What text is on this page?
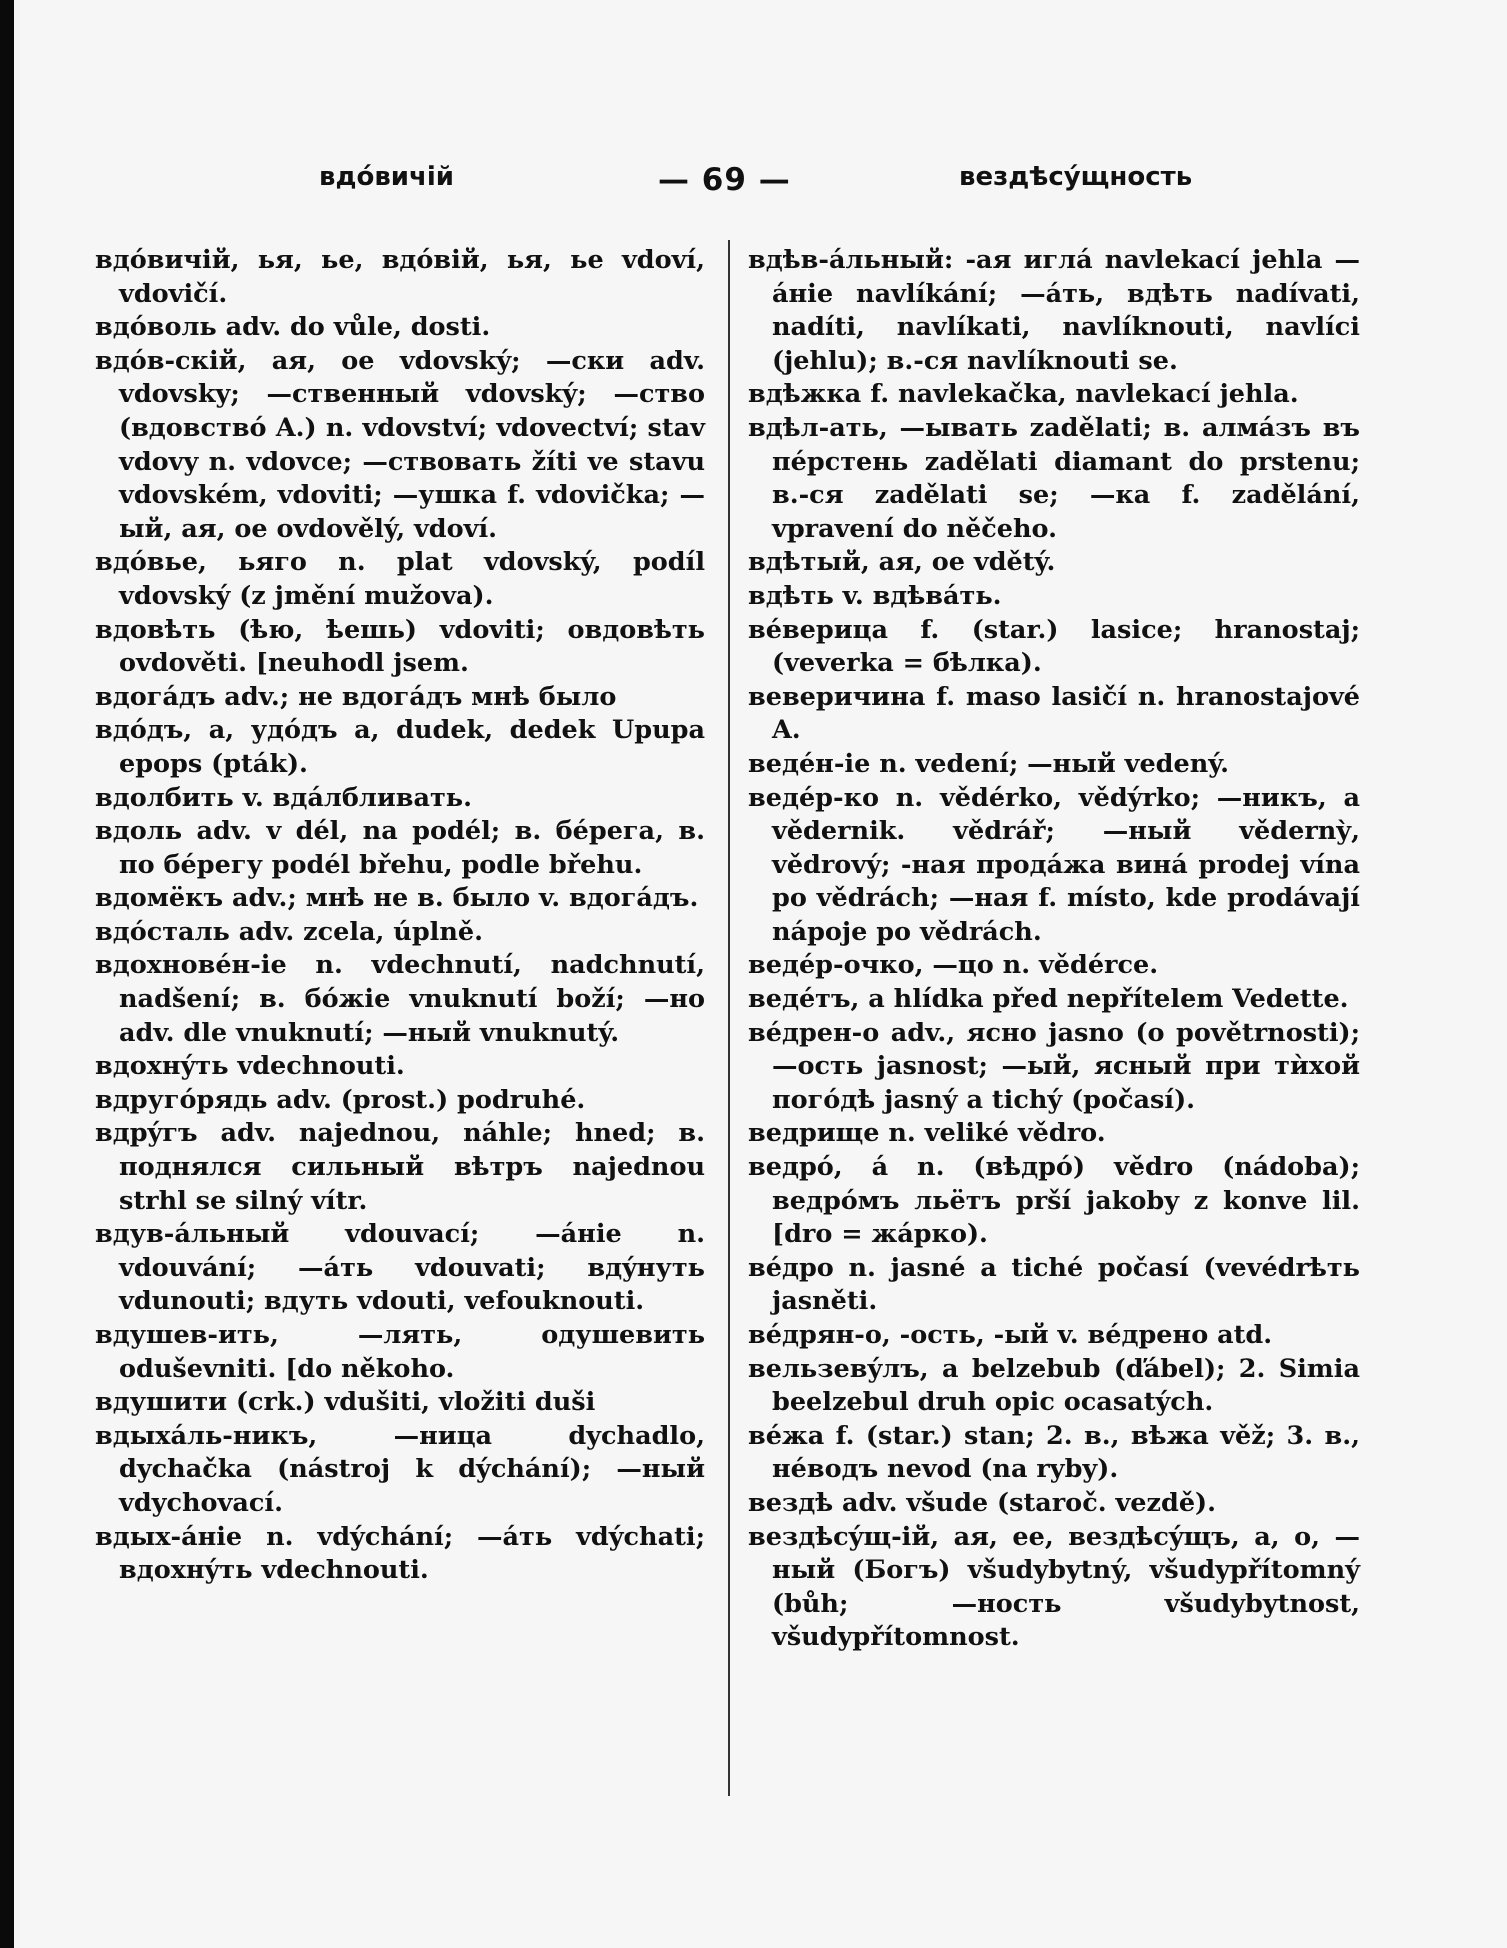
вдóвичій	— 69 —	вездѣсýщность

вдóвичій, ья, ье, вдóвій, ья, ье vdoví, vdovičí.

вдóволь adv. do vůle, dosti.

вдóв-скій, ая, ое vdovský; —ски adv. vdovsky; —ственный vdovský; —ство (вдовствó A.) n. vdovství; vdovectví; stav vdovy n. vdovce; —ствовать žíti ve stavu vdovském, vdoviti; —ушка f. vdovička; —ый, ая, ое ovdovělý, vdoví.

вдóвье, ьяго n. plat vdovský, podíl vdovský (z jmění mužova).

вдовѣть (ѣю, ѣешь) vdoviti; овдовѣть ovdověti. [neuhodl jsem.

вдогáдъ adv.; не вдогáдъ мнѣ было

вдóдъ, а, удóдъ а, dudek, dedek Upupa epops (pták).

вдолбить v. вдáлбливать.

вдоль adv. v dél, na podél; в. бéрега, в. по бéрегу podél břehu, podle břehu.

вдомёкъ adv.; мнѣ не в. было v. вдогáдъ.

вдóсталь adv. zcela, úplně.

вдохновéн-іе n. vdechnutí, nadchnutí, nadšení; в. бóжіе vnuknutí boží; —но adv. dle vnuknutí; —ный vnuknutý.

вдохнýть vdechnouti.

вдругóрядь adv. (prost.) podruhé.

вдрýгъ adv. najednou, náhle; hned; в. поднялся сильный вѣтръ najednou strhl se silný vítr.

вдув-áльный vdouvací; —áніе n. vdouvání; —áть vdouvati; вдýнуть vdunouti; вдуть vdouti, vefouknouti.

вдушев-ить, —лять, одушевить oduševniti. [do někoho.

вдушити (crk.) vdušiti, vložiti duši

вдыхáль-никъ, —ница dychadlo, dychačka (nástroj k dýchání); —ный vdychovací.

вдых-áніе n. vdýchání; —áть vdýchati; вдохнýть vdechnouti.

вдѣв-áльный: -ая иглá navlekací jehla —áніе navlíkání; —áть, вдѣть nadívati, nadíti, navlíkati, navlíknouti, navlíci (jehlu); в.-ся navlíknouti se.

вдѣжка f. navlekačka, navlekací jehla.

вдѣл-ать, —ывать zadělati; в. алмáзъ въ пéрстень zadělati diamant do prstenu; в.-ся zadělati se; —ка f. zadělání, vpravení do něčeho.

вдѣтый, ая, ое vdětý.

вдѣть v. вдѣвáть.

вéверица f. (star.) lasice; hranostaj; (veverka = бѣлка).

веверичина f. maso lasičí n. hranostajové A.

ведéн-іе n. vedení; —ный vedený.

ведéр-ко n. vědérko, vědýrko; —никъ, a vědernik. vědrář; —ный vědernỳ, vědrový; -ная продáжа винá prodej vína po vědrách; —ная f. místo, kde prodávají nápoje po vědrách.

ведéр-очко, —цо n. vědérce.

ведéтъ, а hlídka před nepřítelem Vedette.

вéдрен-о adv., ясно jasno (o povětrnosti); —ость jasnost; —ый, ясный при тѝхой погóдѣ jasný a tichý (počasí).

ведрище n. veliké vědro.

ведрó, á n. (вѣдрó) vědro (nádoba); ведрóмъ льётъ prší jakoby z konve lil. [dro = жáрко).

вéдро n. jasné a tiché počasí (vevédrѣть jasněti.

вéдрян-о, -ость, -ый v. вéдрено atd.

вельзевýлъ, а belzebub (ďábel); 2. Simia beelzebul druh opic ocasatých.

вéжа f. (star.) stan; 2. в., вѣжа věž; 3. в., нéводъ nevod (na ryby).

вездѣ adv. všude (staroč. vezdě).

вездѣсýщ-ій, ая, ее, вездѣсýщъ, а, о, —ный (Богъ) všudybytný, všudypřítomný (bůh; —ность všudybytnost, všudypřítomnost.
